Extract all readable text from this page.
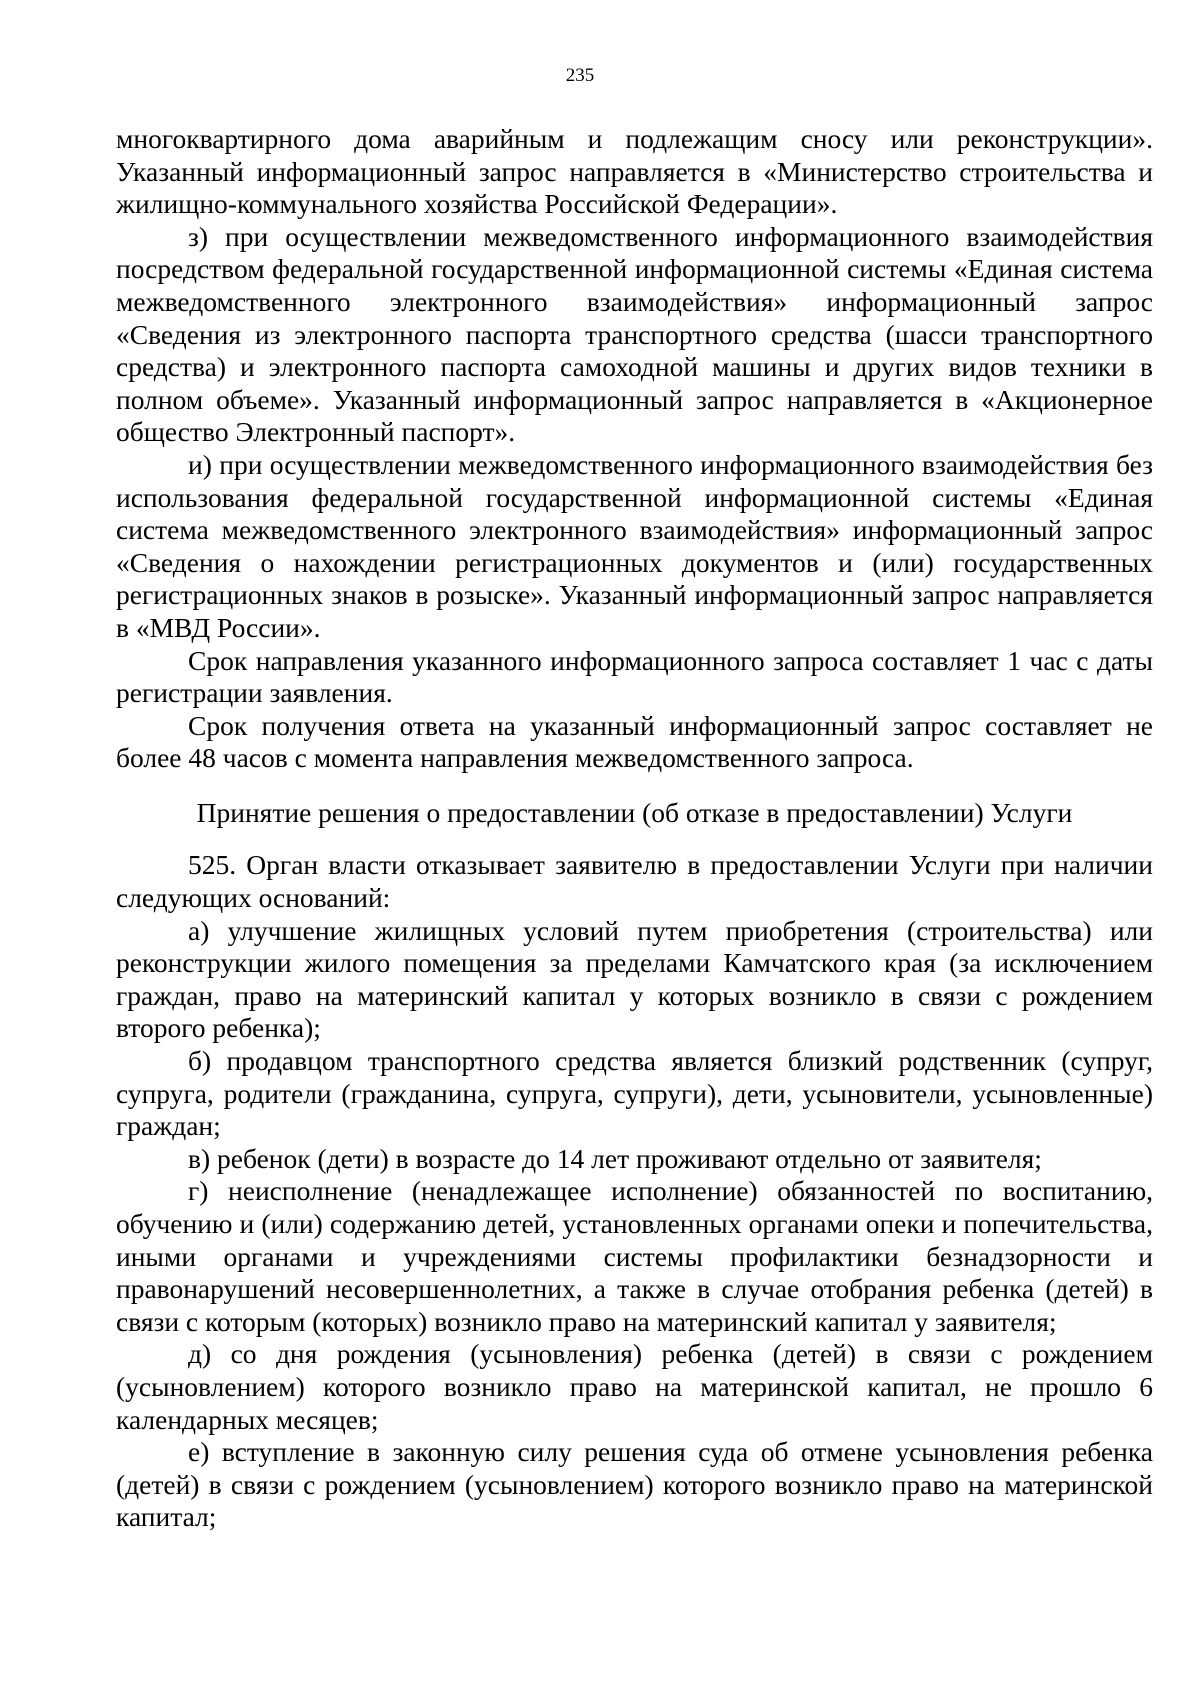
235

многоквартирного дома аварийным и подлежащим сносу или реконструкции». Указанный информационный запрос направляется в «Министерство строительства и жилищно-коммунального хозяйства Российской Федерации».

з) при осуществлении межведомственного информационного взаимодействия посредством федеральной государственной информационной системы «Единая система межведомственного электронного взаимодействия» информационный запрос «Сведения из электронного паспорта транспортного средства (шасси транспортного средства) и электронного паспорта самоходной машины и других видов техники в полном объеме». Указанный информационный запрос направляется в «Акционерное общество Электронный паспорт».

и) при осуществлении межведомственного информационного взаимодействия без использования федеральной государственной информационной системы «Единая система межведомственного электронного взаимодействия» информационный запрос «Сведения о нахождении регистрационных документов и (или) государственных регистрационных знаков в розыске». Указанный информационный запрос направляется в «МВД России».

Срок направления указанного информационного запроса составляет 1 час с даты регистрации заявления.

Срок получения ответа на указанный информационный запрос составляет не более 48 часов с момента направления межведомственного запроса.

Принятие решения о предоставлении (об отказе в предоставлении) Услуги

525. Орган власти отказывает заявителю в предоставлении Услуги при наличии следующих оснований:

а) улучшение жилищных условий путем приобретения (строительства) или реконструкции жилого помещения за пределами Камчатского края (за исключением граждан, право на материнский капитал у которых возникло в связи с рождением второго ребенка);

б) продавцом транспортного средства является близкий родственник (супруг, супруга, родители (гражданина, супруга, супруги), дети, усыновители, усыновленные) граждан;

в) ребенок (дети) в возрасте до 14 лет проживают отдельно от заявителя;

г) неисполнение (ненадлежащее исполнение) обязанностей по воспитанию, обучению и (или) содержанию детей, установленных органами опеки и попечительства, иными органами и учреждениями системы профилактики безнадзорности и правонарушений несовершеннолетних, а также в случае отобрания ребенка (детей) в связи с которым (которых) возникло право на материнский капитал у заявителя;

д) со дня рождения (усыновления) ребенка (детей) в связи с рождением (усыновлением) которого возникло право на материнской капитал, не прошло 6 календарных месяцев;

е) вступление в законную силу решения суда об отмене усыновления ребенка (детей) в связи с рождением (усыновлением) которого возникло право на материнской капитал;
